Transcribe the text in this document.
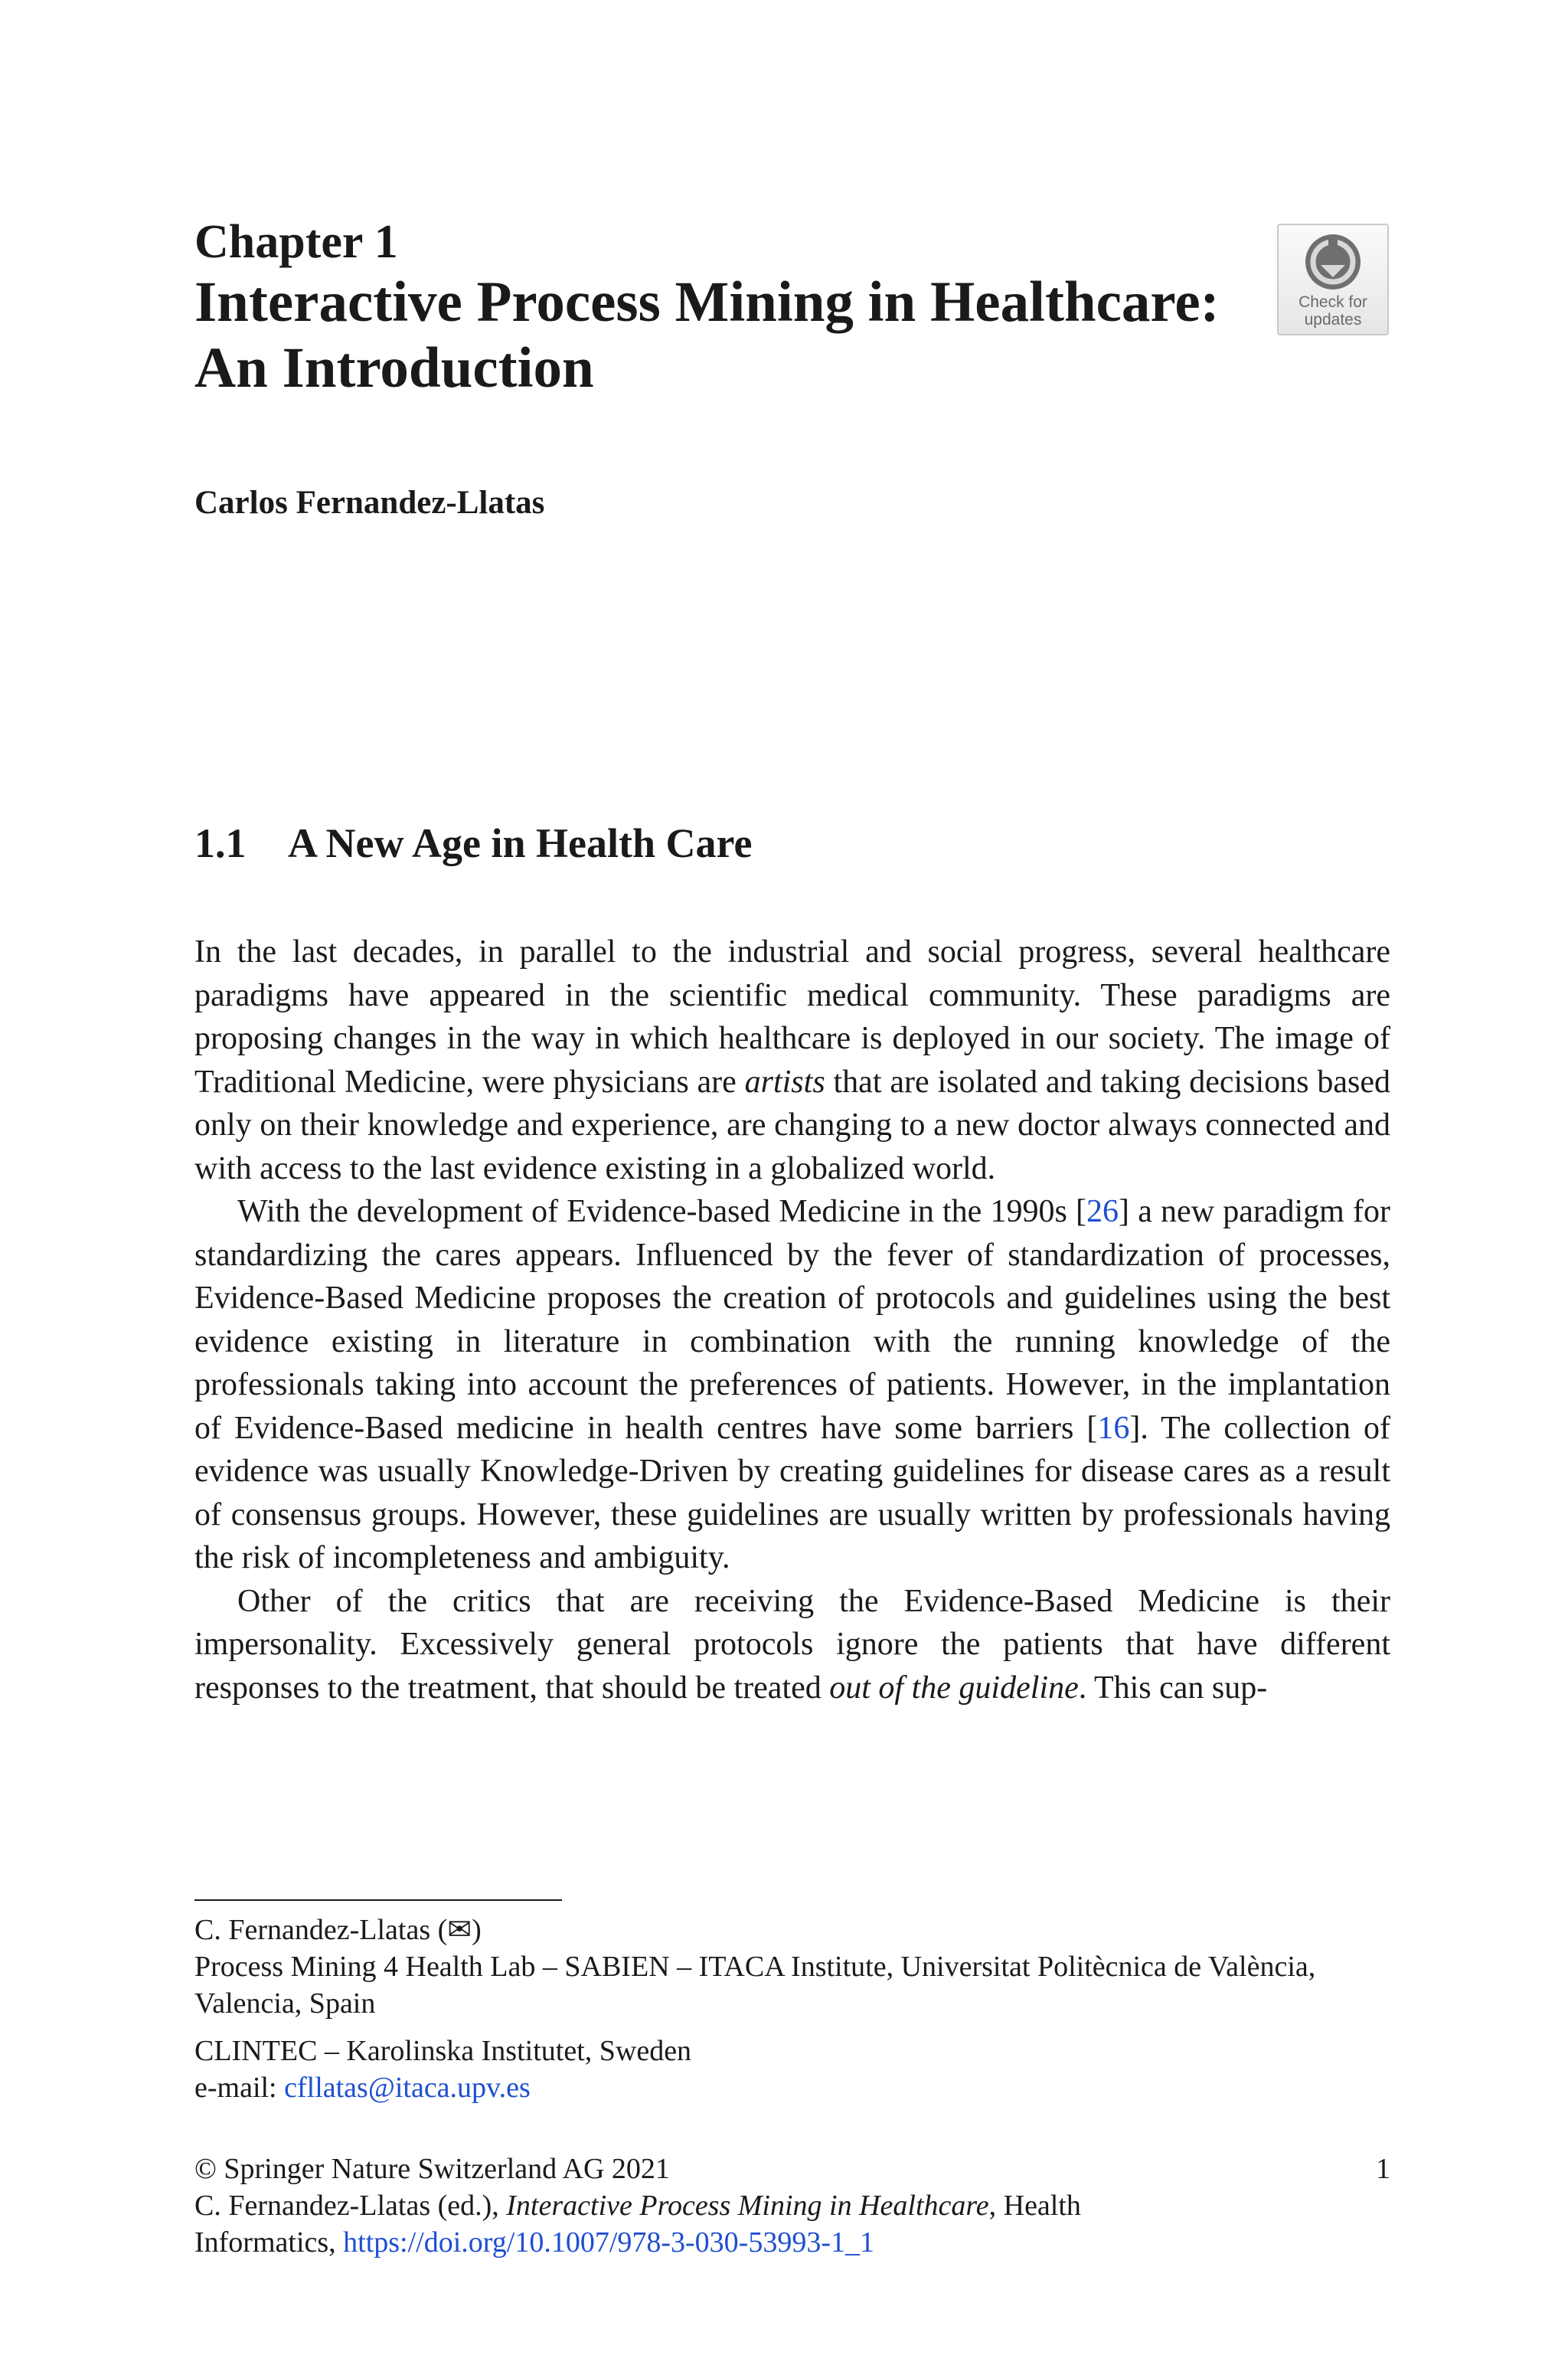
Chapter 1

Interactive Process Mining in Healthcare:

An Introduction

Check for
updates

Carlos Fernandez-Llatas

1.1 A New Age in Health Care

In the last decades, in parallel to the industrial and social progress, several healthcare paradigms have appeared in the scientific medical community. These paradigms are proposing changes in the way in which healthcare is deployed in our society. The image of Traditional Medicine, were physicians are artists that are isolated and taking decisions based only on their knowledge and experience, are changing to a new doctor always connected and with access to the last evidence existing in a globalized world.

With the development of Evidence-based Medicine in the 1990s [26] a new paradigm for standardizing the cares appears. Influenced by the fever of standardization of processes, Evidence-Based Medicine proposes the creation of protocols and guidelines using the best evidence existing in literature in combination with the running knowledge of the professionals taking into account the preferences of patients. However, in the implantation of Evidence-Based medicine in health centres have some barriers [16]. The collection of evidence was usually Knowledge-Driven by creating guidelines for disease cares as a result of consensus groups. However, these guidelines are usually written by professionals having the risk of incompleteness and ambiguity.

Other of the critics that are receiving the Evidence-Based Medicine is their impersonality. Excessively general protocols ignore the patients that have different responses to the treatment, that should be treated out of the guideline. This can sup-

C. Fernandez-Llatas (✉)

Process Mining 4 Health Lab – SABIEN – ITACA Institute, Universitat Politècnica de València, Valencia, Spain

CLINTEC – Karolinska Institutet, Sweden

e-mail: cfllatas@itaca.upv.es

© Springer Nature Switzerland AG 2021

C. Fernandez-Llatas (ed.), Interactive Process Mining in Healthcare, Health

Informatics, https://doi.org/10.1007/978-3-030-53993-1_1

1
